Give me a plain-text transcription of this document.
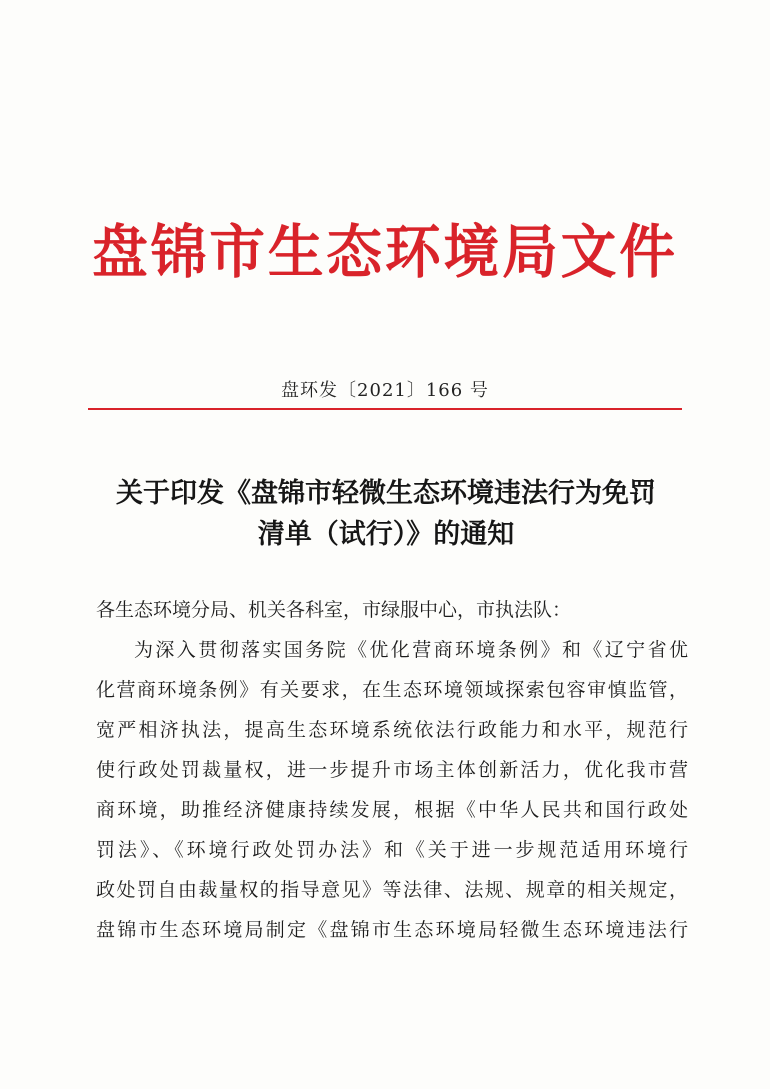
盘锦市生态环境局文件
盘环发〔2021〕166 号
关于印发《盘锦市轻微生态环境违法行为免罚
清单（试行）》的通知
各生态环境分局、机关各科室，市绿服中心，市执法队：
为深入贯彻落实国务院《优化营商环境条例》和《辽宁省优
化营商环境条例》有关要求，在生态环境领域探索包容审慎监管，
宽严相济执法，提高生态环境系统依法行政能力和水平，规范行
使行政处罚裁量权，进一步提升市场主体创新活力，优化我市营
商环境，助推经济健康持续发展，根据《中华人民共和国行政处
罚法》、《环境行政处罚办法》和《关于进一步规范适用环境行
政处罚自由裁量权的指导意见》等法律、法规、规章的相关规定，
盘锦市生态环境局制定《盘锦市生态环境局轻微生态环境违法行
